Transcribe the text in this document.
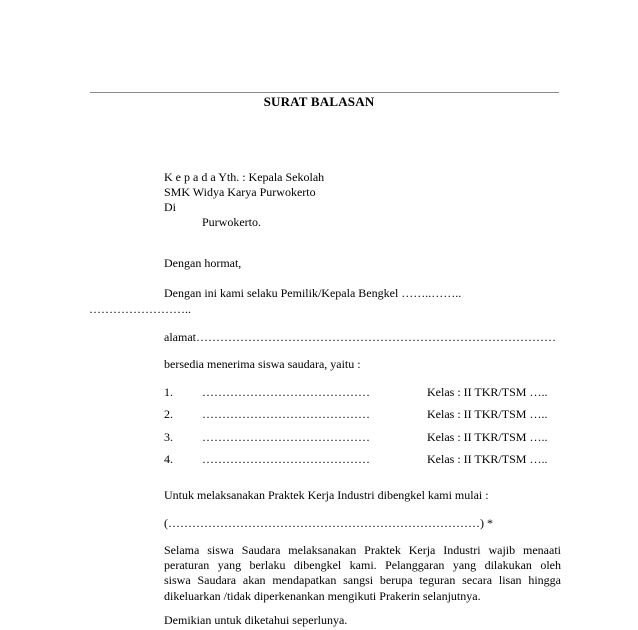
SURAT BALASAN
K e p a d a Yth. : Kepala Sekolah
SMK Widya Karya Purwokerto
Di
Purwokerto.
Dengan hormat,
Dengan ini kami selaku Pemilik/Kepala Bengkel ……..……..
……………………..
alamat………………………………………………………………………………
bersedia menerima siswa saudara, yaitu :
1. ……………………………………	Kelas : II TKR/TSM …..
2. ……………………………………	Kelas : II TKR/TSM …..
3. ……………………………………	Kelas : II TKR/TSM …..
4. ……………………………………	Kelas : II TKR/TSM …..
Untuk melaksanakan Praktek Kerja Industri dibengkel kami mulai :
(……………………………………………………………………) *
Selama siswa Saudara melaksanakan Praktek Kerja Industri wajib menaati
peraturan yang berlaku dibengkel kami. Pelanggaran yang dilakukan oleh
siswa Saudara akan mendapatkan sangsi berupa teguran secara lisan hingga
dikeluarkan /tidak diperkenankan mengikuti Prakerin selanjutnya.
Demikian untuk diketahui seperlunya.
